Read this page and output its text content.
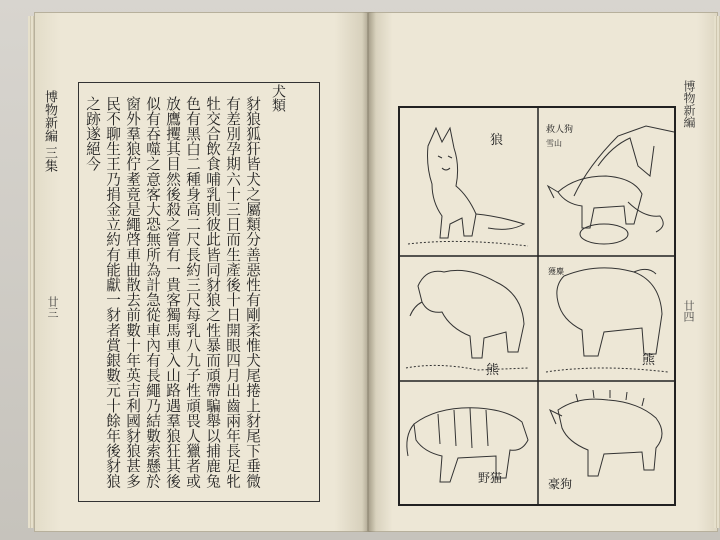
博物新編 三集
廿三
犬類
豺狼狐犴皆犬之屬類分善惡性有剛柔惟犬尾捲上豺尾下垂微有差別孕期六十三日而生產後十日開眼四月出齒兩年長足牝牡交合飲食哺乳則彼此皆同豺狼之性暴而頑帶騙舉以捕鹿兔色有黑白二種身高二尺長約三尺每乳八九子性頑畏人獵者或放鷹攫其目然後殺之嘗有一貴客獨馬車入山路遇羣狼狂其後似有吞噬之意客大恐無所為計急從車內有長繩乃結數索懸於窗外羣狼佇耊竟是繩啓車曲散去前數十年英吉利國豺狼甚多民不聊生王乃捐金立約有能獻一豺者賞銀數元十餘年後豺狼之跡遂絕今	博物新編
廿四
狼
救人狗
雪山
熊
熊
獲麋
野猫	豪狗
